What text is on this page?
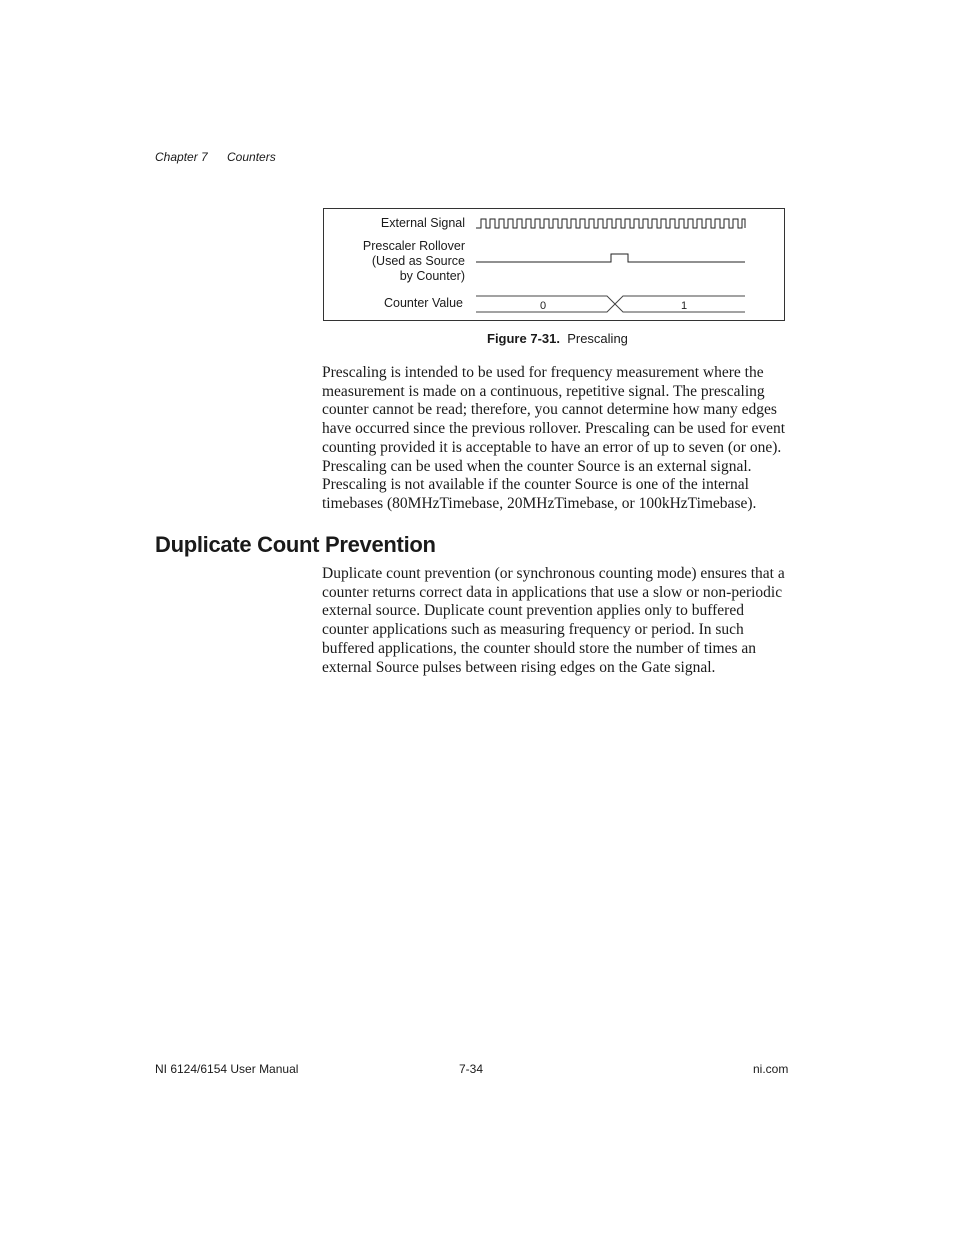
Chapter 7 Counters
External Signal
Prescaler Rollover
(Used as Source
by Counter)
Counter Value	0	1
Figure 7-31. Prescaling

Prescaling is intended to be used for frequency measurement where the measurement is made on a continuous, repetitive signal. The prescaling counter cannot be read; therefore, you cannot determine how many edges have occurred since the previous rollover. Prescaling can be used for event counting provided it is acceptable to have an error of up to seven (or one). Prescaling can be used when the counter Source is an external signal. Prescaling is not available if the counter Source is one of the internal timebases (80MHzTimebase, 20MHzTimebase, or 100kHzTimebase).

Duplicate Count Prevention

Duplicate count prevention (or synchronous counting mode) ensures that a counter returns correct data in applications that use a slow or non-periodic external source. Duplicate count prevention applies only to buffered counter applications such as measuring frequency or period. In such buffered applications, the counter should store the number of times an external Source pulses between rising edges on the Gate signal.

NI 6124/6154 User Manual	7-34	ni.com
